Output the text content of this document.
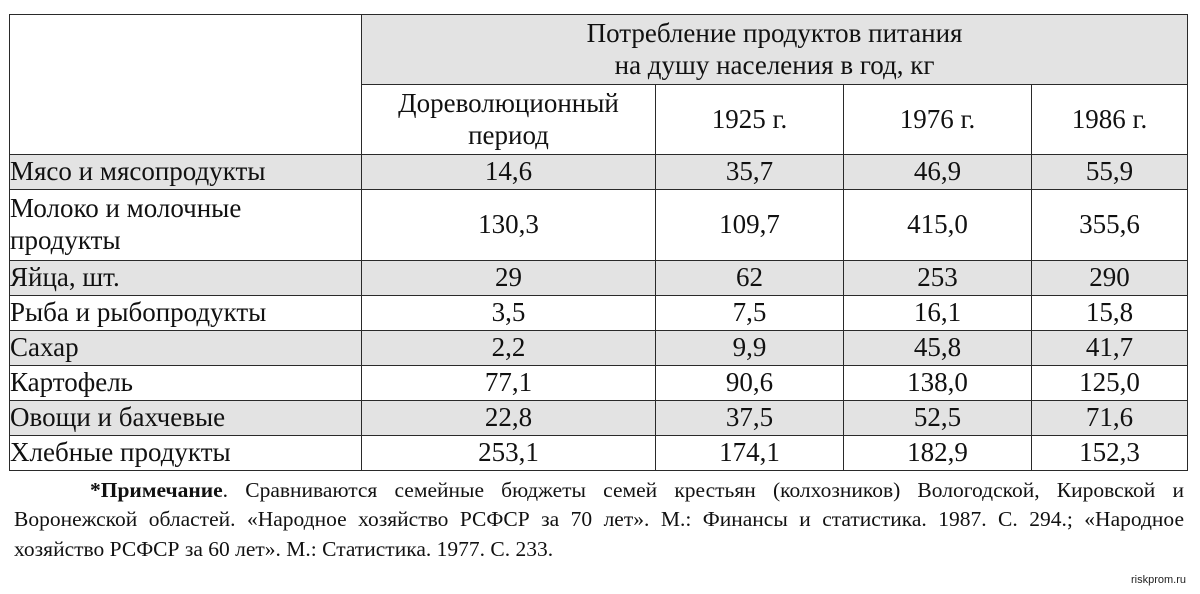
	Потребление продуктов питания
на душу населения в год, кг			
	Дореволюционный
период	1925 г.	1976 г.	1986 г.
Мясо и мясопродукты	14,6	35,7	46,9	55,9
Молоко и молочные
продукты	130,3	109,7	415,0	355,6
Яйца, шт.	29	62	253	290
Рыба и рыбопродукты	3,5	7,5	16,1	15,8
Сахар	2,2	9,9	45,8	41,7
Картофель	77,1	90,6	138,0	125,0
Овощи и бахчевые	22,8	37,5	52,5	71,6
Хлебные продукты	253,1	174,1	182,9	152,3

*Примечание. Сравниваются семейные бюджеты семей крестьян (колхозников) Вологодской, Кировской и Воронежской областей. «Народное хозяйство РСФСР за 70 лет». М.: Финансы и статистика. 1987. С. 294.; «Народное хозяйство РСФСР за 60 лет». М.: Статистика. 1977. С. 233.

riskprom.ru
